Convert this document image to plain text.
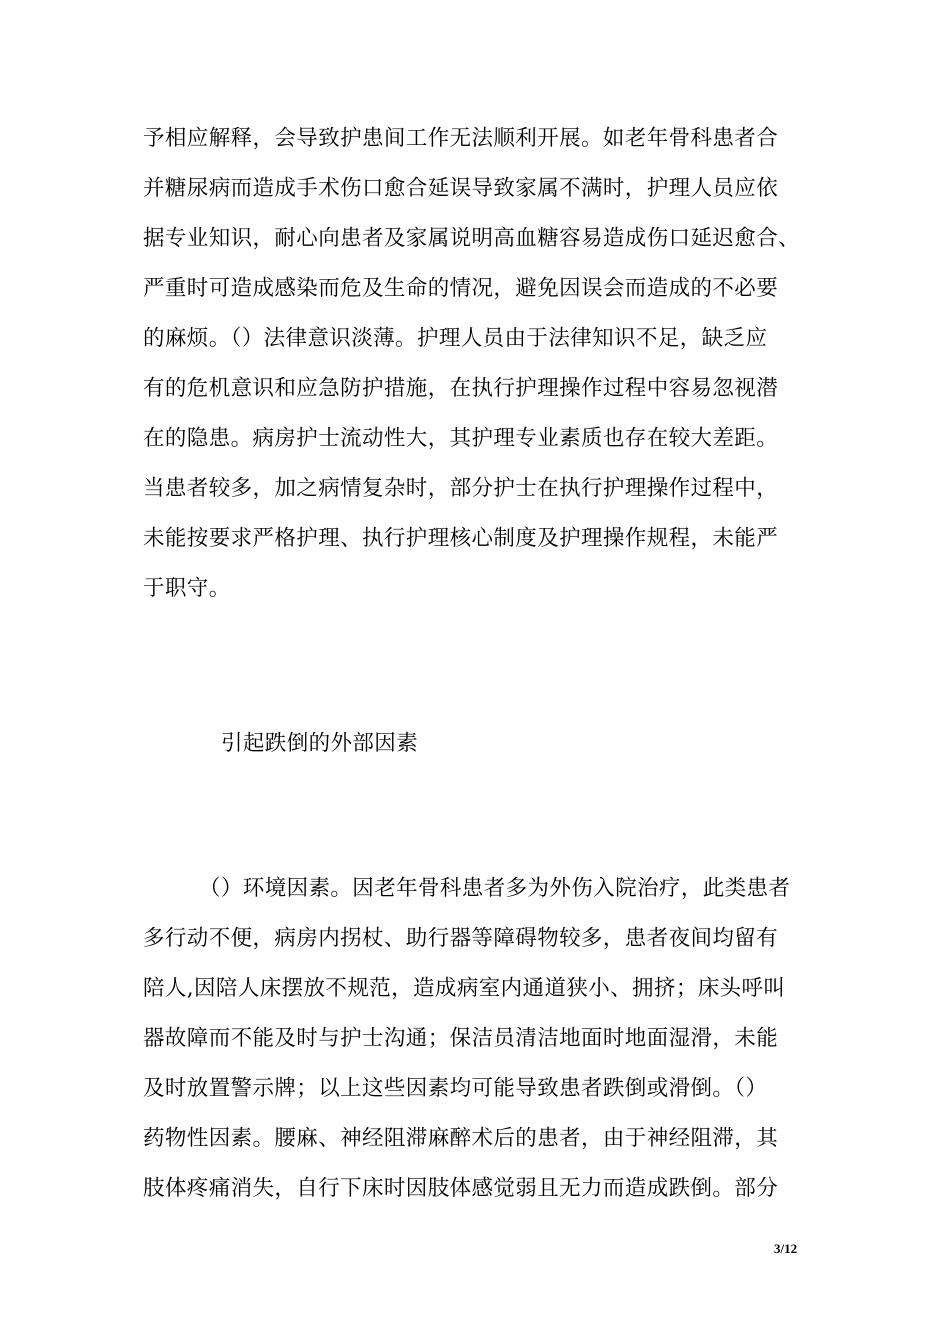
予相应解释，会导致护患间工作无法顺利开展。如老年骨科患者合
并糖尿病而造成手术伤口愈合延误导致家属不满时，护理人员应依
据专业知识，耐心向患者及家属说明高血糖容易造成伤口延迟愈合、
严重时可造成感染而危及生命的情况，避免因误会而造成的不必要
的麻烦。（）法律意识淡薄。护理人员由于法律知识不足，缺乏应
有的危机意识和应急防护措施，在执行护理操作过程中容易忽视潜
在的隐患。病房护士流动性大，其护理专业素质也存在较大差距。
当患者较多，加之病情复杂时，部分护士在执行护理操作过程中，
未能按要求严格护理、执行护理核心制度及护理操作规程，未能严
于职守。
引起跌倒的外部因素
（）环境因素。因老年骨科患者多为外伤入院治疗，此类患者
多行动不便，病房内拐杖、助行器等障碍物较多，患者夜间均留有
陪人,因陪人床摆放不规范，造成病室内通道狭小、拥挤；床头呼叫
器故障而不能及时与护士沟通；保洁员清洁地面时地面湿滑，未能
及时放置警示牌；以上这些因素均可能导致患者跌倒或滑倒。（）
药物性因素。腰麻、神经阻滞麻醉术后的患者，由于神经阻滞，其
肢体疼痛消失，自行下床时因肢体感觉弱且无力而造成跌倒。部分
3/12
